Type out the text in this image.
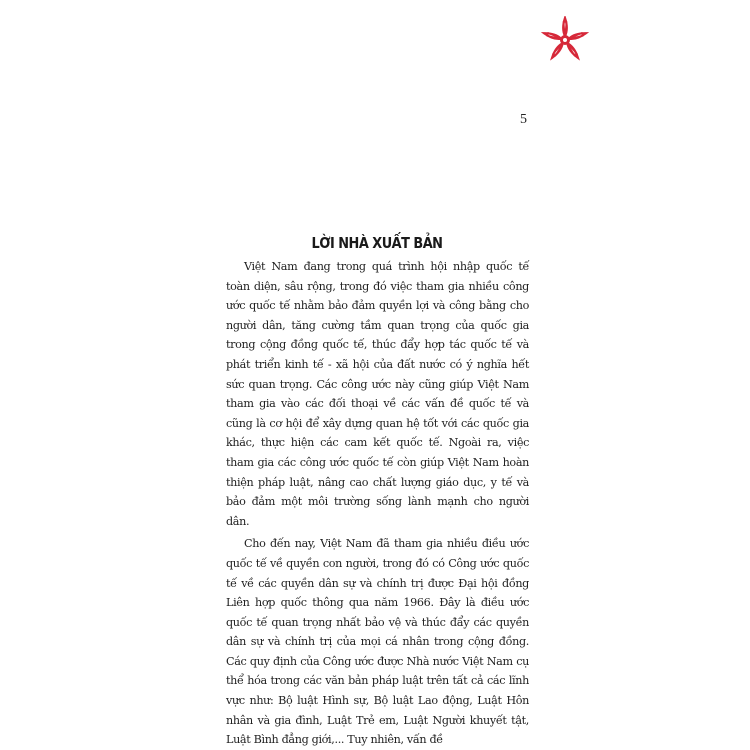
5
LỜI NHÀ XUẤT BẢN

Việt Nam đang trong quá trình hội nhập quốc tế toàn diện, sâu rộng, trong đó việc tham gia nhiều công ước quốc tế nhằm bảo đảm quyền lợi và công bằng cho người dân, tăng cường tầm quan trọng của quốc gia trong cộng đồng quốc tế, thúc đẩy hợp tác quốc tế và phát triển kinh tế - xã hội của đất nước có ý nghĩa hết sức quan trọng. Các công ước này cũng giúp Việt Nam tham gia vào các đối thoại về các vấn đề quốc tế và cũng là cơ hội để xây dựng quan hệ tốt với các quốc gia khác, thực hiện các cam kết quốc tế. Ngoài ra, việc tham gia các công ước quốc tế còn giúp Việt Nam hoàn thiện pháp luật, nâng cao chất lượng giáo dục, y tế và bảo đảm một môi trường sống lành mạnh cho người dân.

Cho đến nay, Việt Nam đã tham gia nhiều điều ước quốc tế về quyền con người, trong đó có Công ước quốc tế về các quyền dân sự và chính trị được Đại hội đồng Liên hợp quốc thông qua năm 1966. Đây là điều ước quốc tế quan trọng nhất bảo vệ và thúc đẩy các quyền dân sự và chính trị của mọi cá nhân trong cộng đồng. Các quy định của Công ước được Nhà nước Việt Nam cụ thể hóa trong các văn bản pháp luật trên tất cả các lĩnh vực như: Bộ luật Hình sự, Bộ luật Lao động, Luật Hôn nhân và gia đình, Luật Trẻ em, Luật Người khuyết tật, Luật Bình đẳng giới,... Tuy nhiên, vấn đề
